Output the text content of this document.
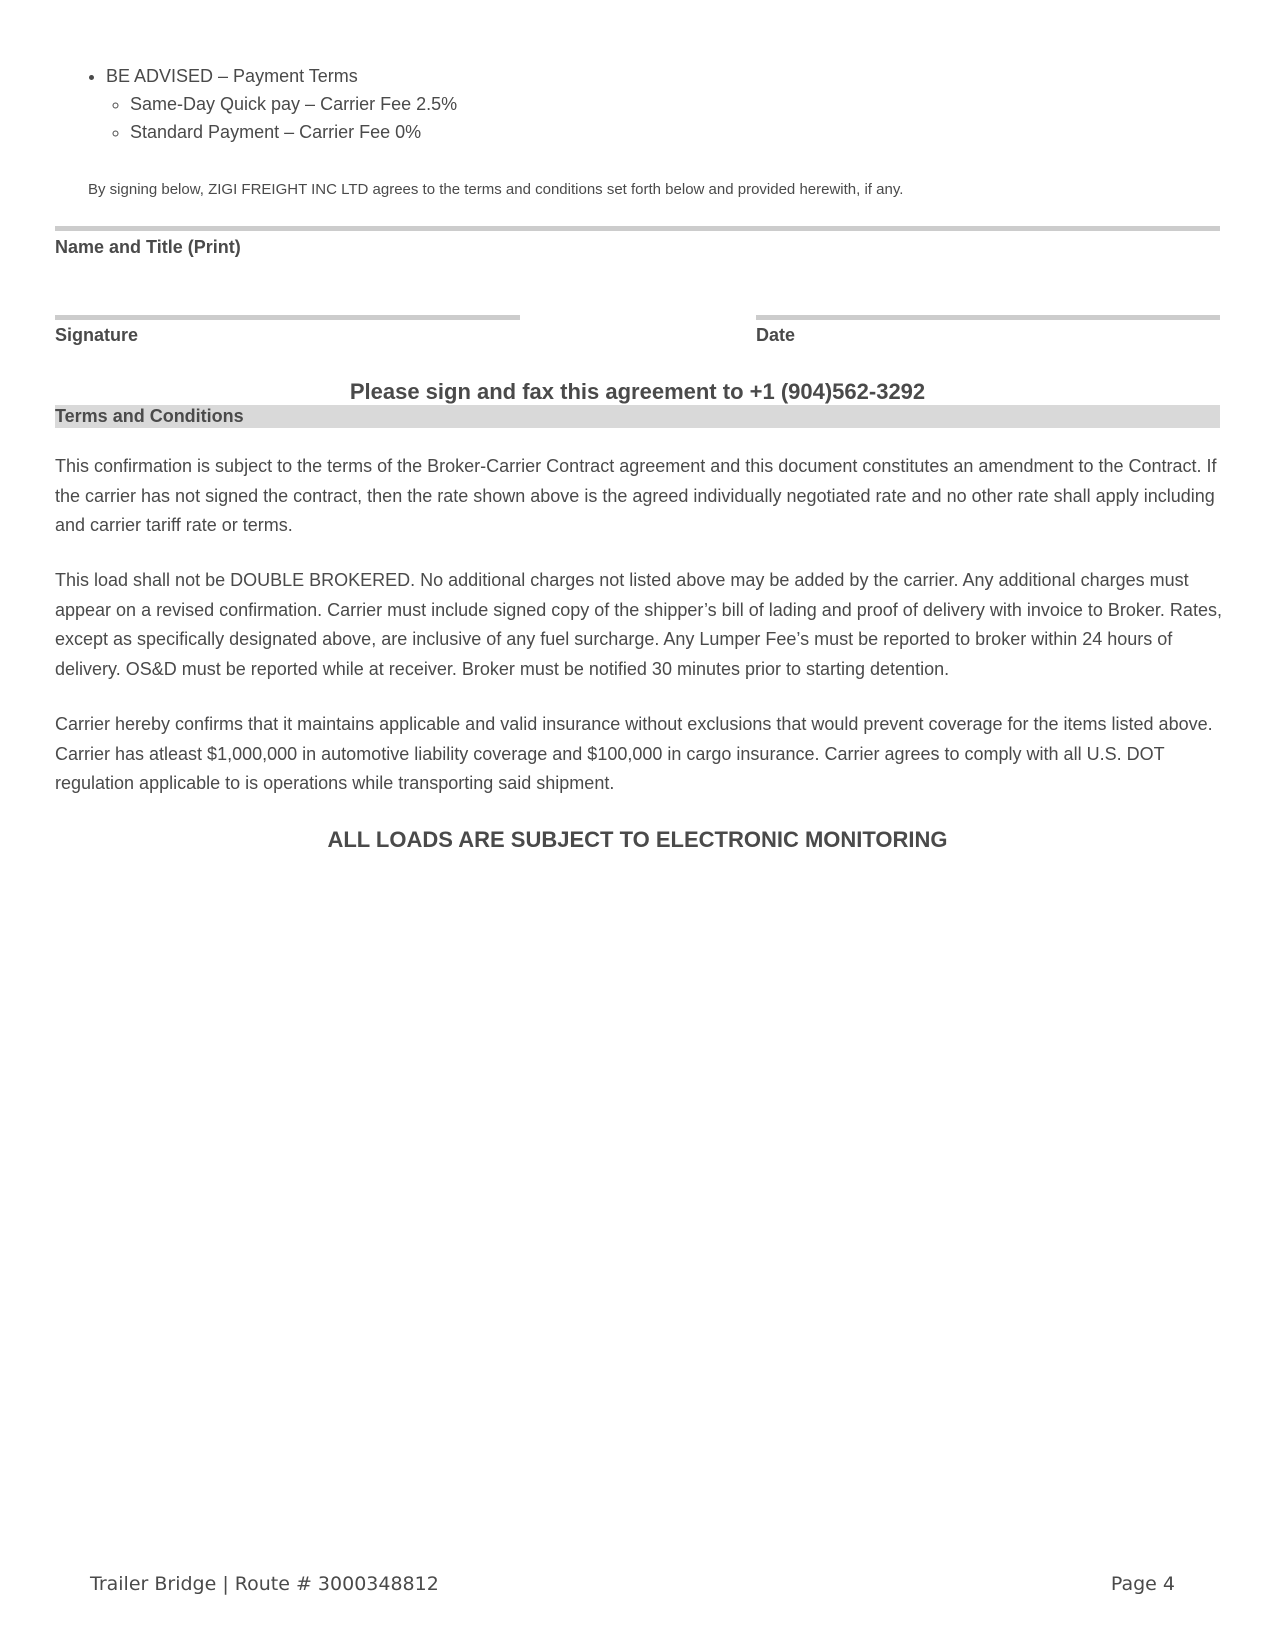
• BE ADVISED – Payment Terms
◦ Same-Day Quick pay – Carrier Fee 2.5%
◦ Standard Payment – Carrier Fee 0%
By signing below, ZIGI FREIGHT INC LTD agrees to the terms and conditions set forth below and provided herewith, if any.
Name and Title (Print)
Signature	Date
Please sign and fax this agreement to +1 (904)562-3292
Terms and Conditions

This confirmation is subject to the terms of the Broker-Carrier Contract agreement and this document constitutes an amendment to the Contract. If the carrier has not signed the contract, then the rate shown above is the agreed individually negotiated rate and no other rate shall apply including and carrier tariff rate or terms.

This load shall not be DOUBLE BROKERED. No additional charges not listed above may be added by the carrier. Any additional charges must appear on a revised confirmation. Carrier must include signed copy of the shipper’s bill of lading and proof of delivery with invoice to Broker. Rates, except as specifically designated above, are inclusive of any fuel surcharge. Any Lumper Fee’s must be reported to broker within 24 hours of delivery. OS&D must be reported while at receiver. Broker must be notified 30 minutes prior to starting detention.

Carrier hereby confirms that it maintains applicable and valid insurance without exclusions that would prevent coverage for the items listed above. Carrier has atleast $1,000,000 in automotive liability coverage and $100,000 in cargo insurance. Carrier agrees to comply with all U.S. DOT regulation applicable to is operations while transporting said shipment.

ALL LOADS ARE SUBJECT TO ELECTRONIC MONITORING
Trailer Bridge | Route # 3000348812	Page 4
